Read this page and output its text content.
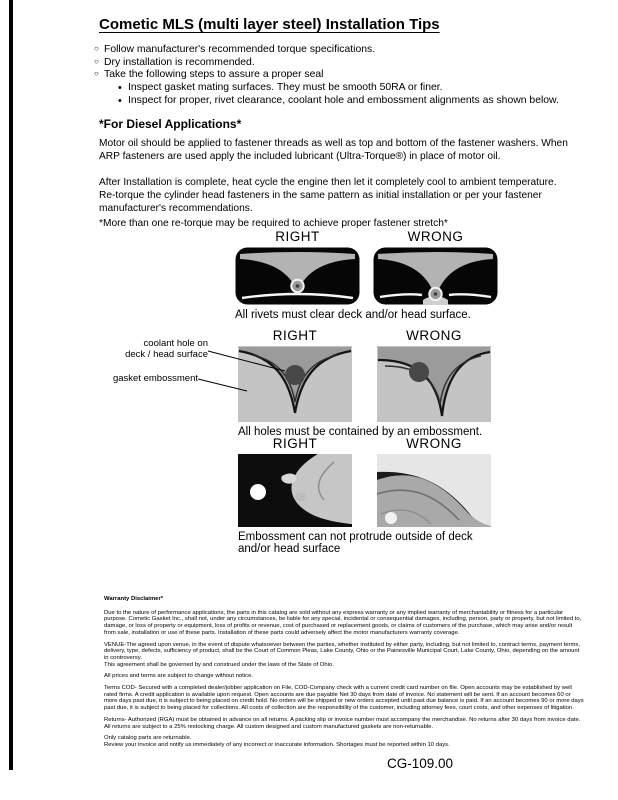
Cometic MLS (multi layer steel) Installation Tips
○
Follow manufacturer's recommended torque specifications.
○
Dry installation is recommended.
○
Take the following steps to assure a proper seal
•
Inspect gasket mating surfaces. They must be smooth 50RA or finer.
•
Inspect for proper, rivet clearance, coolant hole and embossment alignments as shown below.
*For Diesel Applications*
Motor oil should be applied to fastener threads as well as top and bottom of the fastener washers. When ARP fasteners are used apply the included lubricant (Ultra-Torque®) in place of motor oil.
After Installation is complete, heat cycle the engine then let it completely cool to ambient temperature. Re-torque the cylinder head fasteners in the same pattern as initial installation or per your fastener manufacturer's recommendations.
*More than one re-torque may be required to achieve proper fastener stretch*
RIGHT	WRONG
All rivets must clear deck and/or head surface.
RIGHT	WRONG
All holes must be contained by an embossment.
coolant hole on
deck / head surface
gasket embossment
RIGHT	WRONG
Embossment can not protrude outside of deck and/or head surface
Warranty Disclaimer*

Due to the nature of performance applications, the parts in this catalog are sold without any express warranty or any implied warranty of merchantability or fitness for a particular purpose. Cometic Gasket Inc., shall not, under any circumstances, be liable for any special, incidental or consequential damages, including, person, party or property, but not limited to, damage, or loss of property or equipment, loss of profits or revenue, cost of purchased or replacement goods, or claims of customers of the purchase, which may arise and/or result from sale, installation or use of these parts. Installation of these parts could adversely affect the motor manufacturers warranty coverage.

VENUE-The agreed upon venue, in the event of dispute whatsoever between the parties, whether instituted by either party, including, but not limited to, contract terms, payment terms, delivery, type, defects, sufficiency of product, shall be the Court of Common Pleas, Lake County, Ohio or the Painesville Municipal Court, Lake County, Ohio, depending on the amount in controversy.

This agreement shall be governed by and construed under the laws of the State of Ohio.

All prices and terms are subject to change without notice.

Terms COD- Secured with a completed dealer/jobber application on File, COD-Company check with a current credit card number on file. Open accounts may be established by well rated firms. A credit application is available upon request. Open accounts are due payable Net 30 days from date of invoice. No statement will be sent. If an account becomes 60 or more days past due, it is subject to being placed on credit hold. No orders will be shipped or new orders accepted until past due balance is paid. If an account becomes 90 or more days past due, it is subject to being placed for collections. All costs of collection are the responsibility of the customer, including attorney fees, court costs, and other expenses of litigation.

Returns- Authorized (RGA) must be obtained in advance on all returns. A packing slip or invoice number must accompany the merchandise. No returns after 30 days from invoice date. All returns are subject to a 25% restocking charge. All custom designed and custom manufactured gaskets are non-returnable.

Only catalog parts are returnable.

Review your invoice and notify us immediately of any incorrect or inaccurate information. Shortages must be reported within 10 days.

CG-109.00
